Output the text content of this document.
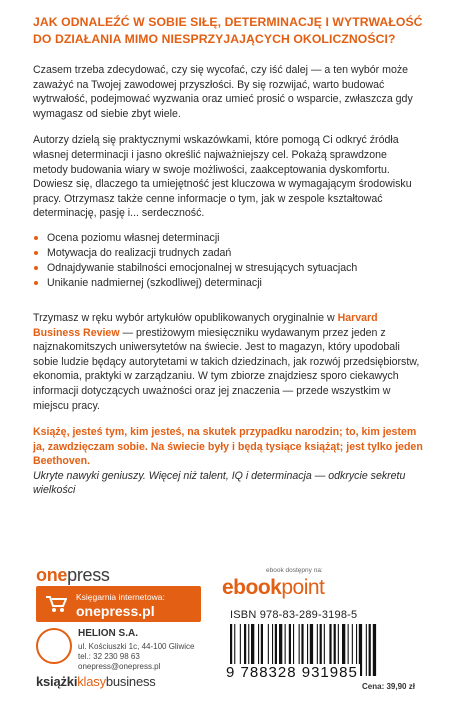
JAK ODNALEŹĆ W SOBIE SIŁĘ, DETERMINACJĘ I WYTRWAŁOŚĆ DO DZIAŁANIA MIMO NIESPRZYJAJĄCYCH OKOLICZNOŚCI?

Czasem trzeba zdecydować, czy się wycofać, czy iść dalej — a ten wybór może zaważyć na Twojej zawodowej przyszłości. By się rozwijać, warto budować wytrwałość, podejmować wyzwania oraz umieć prosić o wsparcie, zwłaszcza gdy wymagasz od siebie zbyt wiele.

Autorzy dzielą się praktycznymi wskazówkami, które pomogą Ci odkryć źródła własnej determinacji i jasno określić najważniejszy cel. Pokażą sprawdzone metody budowania wiary w swoje możliwości, zaakceptowania dyskomfortu. Dowiesz się, dlaczego ta umiejętność jest kluczowa w wymagającym środowisku pracy. Otrzymasz także cenne informacje o tym, jak w zespole kształtować determinację, pasję i... serdeczność.

Ocena poziomu własnej determinacji
Motywacja do realizacji trudnych zadań
Odnajdywanie stabilności emocjonalnej w stresujących sytuacjach
Unikanie nadmiernej (szkodliwej) determinacji

Trzymasz w ręku wybór artykułów opublikowanych oryginalnie w Harvard Business Review — prestiżowym miesięczniku wydawanym przez jeden z najznakomitszych uniwersytetów na świecie. Jest to magazyn, który upodobali sobie ludzie będący autorytetami w takich dziedzinach, jak rozwój przedsiębiorstw, ekonomia, praktyki w zarządzaniu. W tym zbiorze znajdziesz sporo ciekawych informacji dotyczących uważności oraz jej znaczenia — przede wszystkim w miejscu pracy.

Książę, jesteś tym, kim jesteś, na skutek przypadku narodzin; to, kim jestem ja, zawdzięczam sobie. Na świecie były i będą tysiące książąt; jest tylko jeden Beethoven.

Ukryte nawyki geniuszy. Więcej niż talent, IQ i determinacja — odkrycie sekretu wielkości

onepress
Księgarnia internetowa:
onepress.pl
HELION S.A.
ul. Kościuszki 1c, 44-100 Gliwice
tel.: 32 230 98 63
onepress@onepress.pl
książkiklasybusiness
ebook dostępny na:
ebookpoint
ISBN 978-83-289-3198-5
9 788328 931985
Cena: 39,90 zł
